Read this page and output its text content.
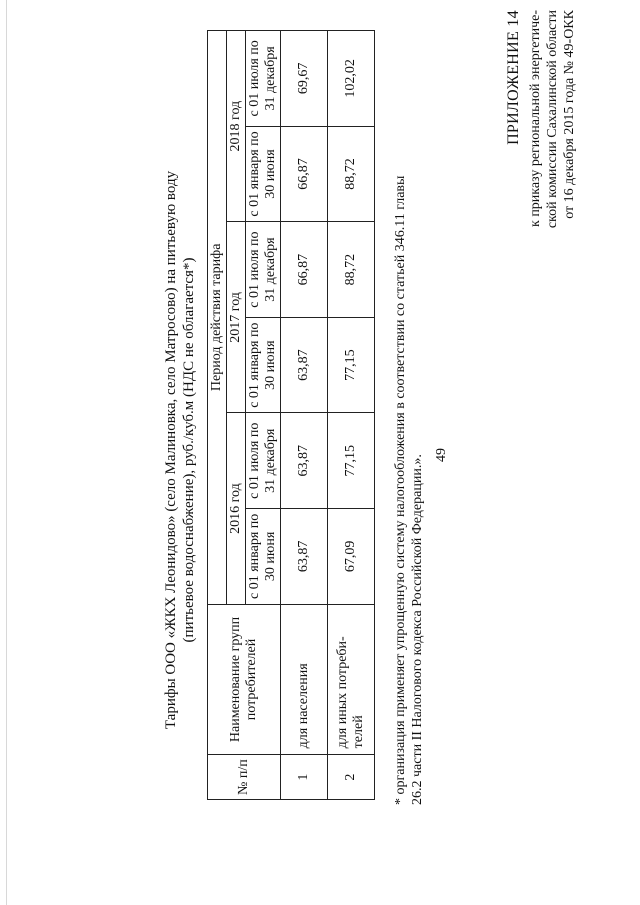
49
ПРИЛОЖЕНИЕ 14 к приказу региональной энергетиче- ской комиссии Сахалинской области от 16 декабря 2015 года № 49-ОКК
Тарифы ООО «ЖКХ Леонидово» (село Малиновка, село Матросово) на питьевую воду (питьевое водоснабжение), руб./куб.м (НДС не облагается*)
№ п/п	Наименование групп потребителей	Период действия тарифа					
		2016 год		2017 год		2018 год	
		с 01 января по 30 июня	с 01 июля по 31 декабря	с 01 января по 30 июня	с 01 июля по 31 декабря	с 01 января по 30 июня	с 01 июля по 31 декабря
1	для населения	63,87	63,87	63,87	66,87	66,87	69,67
2	для иных потреби-телей	67,09	77,15	77,15	88,72	88,72	102,02
* организация применяет упрощенную систему налогообложения в соответствии со статьей 346.11 главы 26.2 части II Налогового кодекса Российской Федерации.».
